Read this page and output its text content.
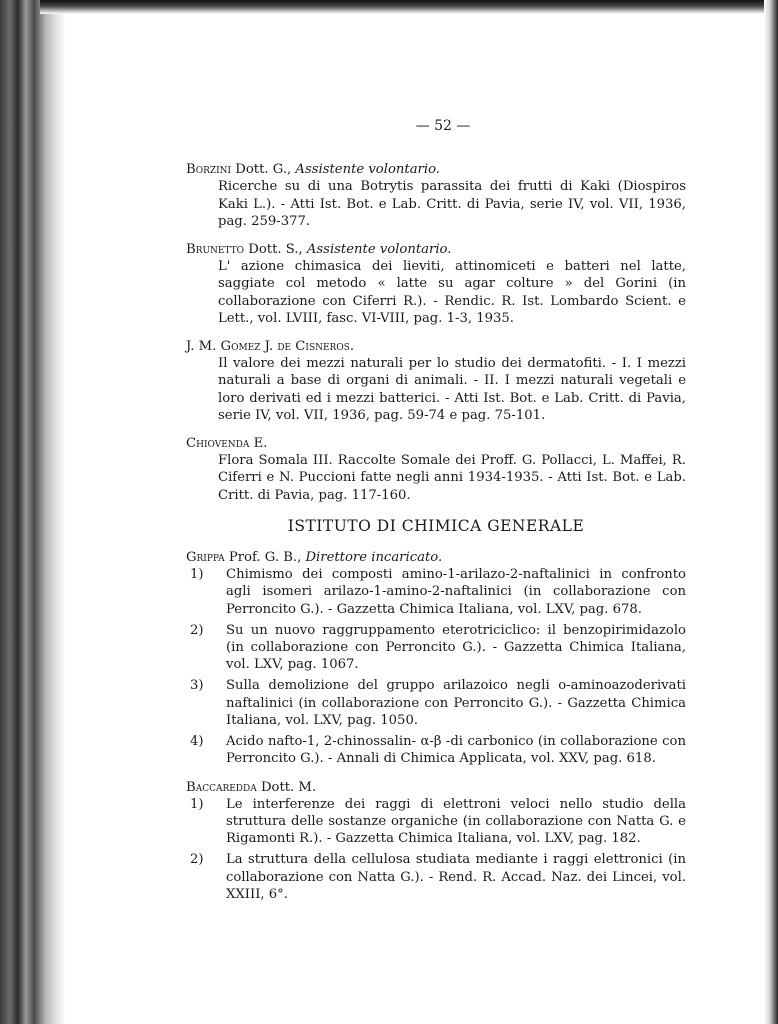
— 52 —
Borzini Dott. G., Assistente volontario.
Ricerche su di una Botrytis parassita dei frutti di Kaki (Diospiros Kaki L.). - Atti Ist. Bot. e Lab. Critt. di Pavia, serie IV, vol. VII, 1936, pag. 259-377.
Brunetto Dott. S., Assistente volontario.
L' azione chimasica dei lieviti, attinomiceti e batteri nel latte, saggiate col metodo « latte su agar colture » del Gorini (in collaborazione con Ciferri R.). - Rendic. R. Ist. Lombardo Scient. e Lett., vol. LVIII, fasc. VI-VIII, pag. 1-3, 1935.
J. M. Gomez J. de Cisneros.
Il valore dei mezzi naturali per lo studio dei dermatofiti. - I. I mezzi naturali a base di organi di animali. - II. I mezzi naturali vegetali e loro derivati ed i mezzi batterici. - Atti Ist. Bot. e Lab. Critt. di Pavia, serie IV, vol. VII, 1936, pag. 59-74 e pag. 75-101.
Chiovenda E.
Flora Somala III. Raccolte Somale dei Proff. G. Pollacci, L. Maffei, R. Ciferri e N. Puccioni fatte negli anni 1934-1935. - Atti Ist. Bot. e Lab. Critt. di Pavia, pag. 117-160.
ISTITUTO DI CHIMICA GENERALE
Grippa Prof. G. B., Direttore incaricato.
1) Chimismo dei composti amino-1-arilazo-2-naftalinici in confronto agli isomeri arilazo-1-amino-2-naftalinici (in collaborazione con Perroncito G.). - Gazzetta Chimica Italiana, vol. LXV, pag. 678.
2) Su un nuovo raggruppamento eterotriciclico: il benzopirimidazolo (in collaborazione con Perroncito G.). - Gazzetta Chimica Italiana, vol. LXV, pag. 1067.
3) Sulla demolizione del gruppo arilazoico negli o-aminoazoderivati naftalinici (in collaborazione con Perroncito G.). - Gazzetta Chimica Italiana, vol. LXV, pag. 1050.
4) Acido nafto-1, 2-chinossalin- α-β -di carbonico (in collaborazione con Perroncito G.). - Annali di Chimica Applicata, vol. XXV, pag. 618.
Baccaredda Dott. M.
1) Le interferenze dei raggi di elettroni veloci nello studio della struttura delle sostanze organiche (in collaborazione con Natta G. e Rigamonti R.). - Gazzetta Chimica Italiana, vol. LXV, pag. 182.
2) La struttura della cellulosa studiata mediante i raggi elettronici (in collaborazione con Natta G.). - Rend. R. Accad. Naz. dei Lincei, vol. XXIII, 6°.
